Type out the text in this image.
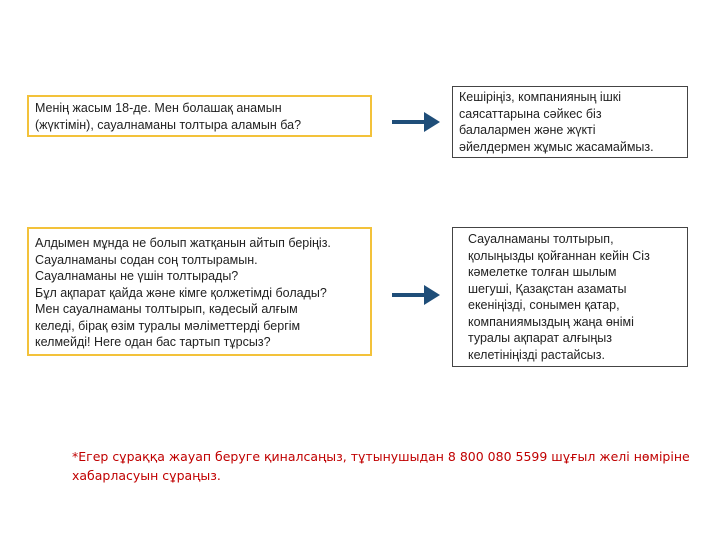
Менің жасым 18-де. Мен болашақ анамын
(жүктімін), сауалнаманы толтыра аламын ба?
Кешіріңіз, компанияның ішкі
саясаттарына сәйкес біз
балалармен және жүкті
әйелдермен жұмыс жасамаймыз.
Алдымен мұнда не болып жатқанын айтып беріңіз.
Сауалнаманы содан соң толтырамын.
Сауалнаманы не үшін толтырады?
Бұл ақпарат қайда және кімге қолжетімді болады?
Мен сауалнаманы толтырып, кәдесый алғым
келеді, бірақ өзім туралы мәліметтерді бергім
келмейді! Неге одан бас тартып тұрсыз?
Сауалнаманы толтырып,
қолыңызды қойғаннан кейін Сіз
кәмелетке толған шылым
шегуші, Қазақстан азаматы
екеніңізді, сонымен қатар,
компаниямыздың жаңа өнімі
туралы ақпарат алғыңыз
келетініңізді растайсыз.
*Егер сұраққа жауап беруге қиналсаңыз, тұтынушыдан 8 800 080 5599 шұғыл желі нөміріне
хабарласуын сұраңыз.
